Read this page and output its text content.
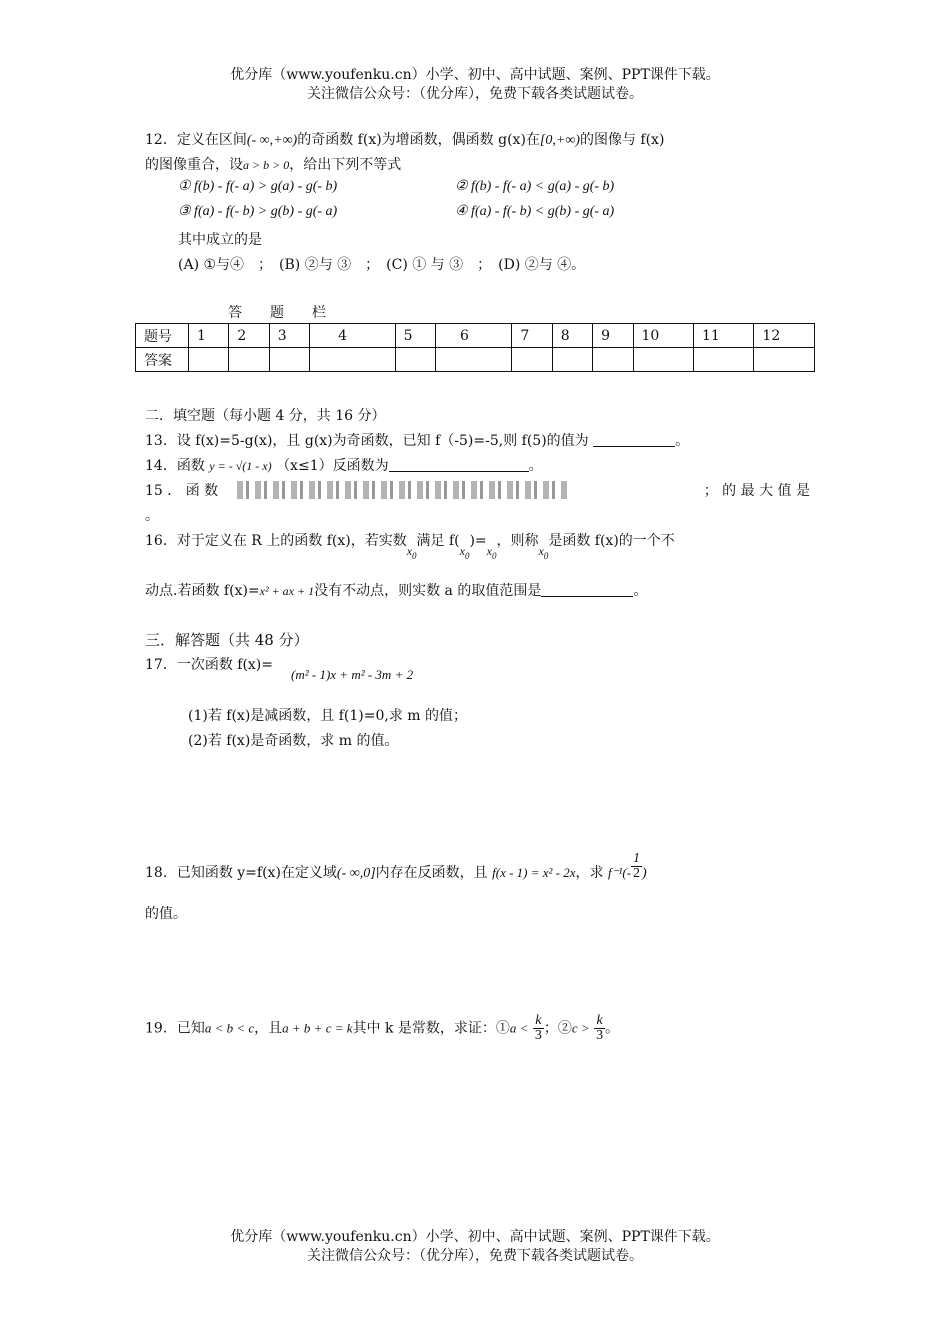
优分库（www.youfenku.cn）小学、初中、高中试题、案例、PPT课件下载。
关注微信公众号：（优分库），免费下载各类试题试卷。
12．定义在区间(- ∞,+∞)的奇函数 f(x)为增函数，偶函数 g(x)在[0,+∞)的图像与 f(x)
的图像重合，设a > b > 0，给出下列不等式
① f(b) - f(- a) > g(a) - g(- b)	② f(b) - f(- a) < g(a) - g(- b)
③ f(a) - f(- b) > g(b) - g(- a)	④ f(a) - f(- b) < g(b) - g(- a)
其中成立的是
(A) ①与④　；　(B) ②与 ③　；　(C) ① 与 ③　；　(D) ②与 ④。
答　　题　　栏
题号	1	2	3	4	5	6	7	8	9	10	11	12
答案												
二．填空题（每小题 4 分，共 16 分）
13．设 f(x)=5-g(x)，且 g(x)为奇函数，已知 f（-5)=-5,则 f(5)的值为	。
14．函数 y = - √(1 - x) （x≤1）反函数为	。
15 ． 函 数	； 的 最 大 值 是
。
16．对于定义在 R 上的函数 f(x)，若实数$x_0$满足 $f(x_0)=x_0$，则称$x_0$是函数 f(x)的一个不
动点.若函数 f(x)=x² + ax + 1没有不动点，则实数 a 的取值范围是	。
三．解答题（共 48 分）
17．一次函数 f(x)=
(m² - 1)x + m² - 3m + 2
(1)若 f(x)是减函数，且 f(1)=0,求 m 的值；
(2)若 f(x)是奇函数，求 m 的值。
18．已知函数 y=f(x)在定义域(- ∞,0]内存在反函数，且 f(x - 1) = x² - 2x，求 $f^{-1}(- \frac{1}{2}$ )
的值。
19．已知a < b < c，且a + b + c = k其中 k 是常数，求证：①a < $\frac{k}{3}$ ；②c > $\frac{k}{3}$ 。
优分库（www.youfenku.cn）小学、初中、高中试题、案例、PPT课件下载。
关注微信公众号：（优分库），免费下载各类试题试卷。
